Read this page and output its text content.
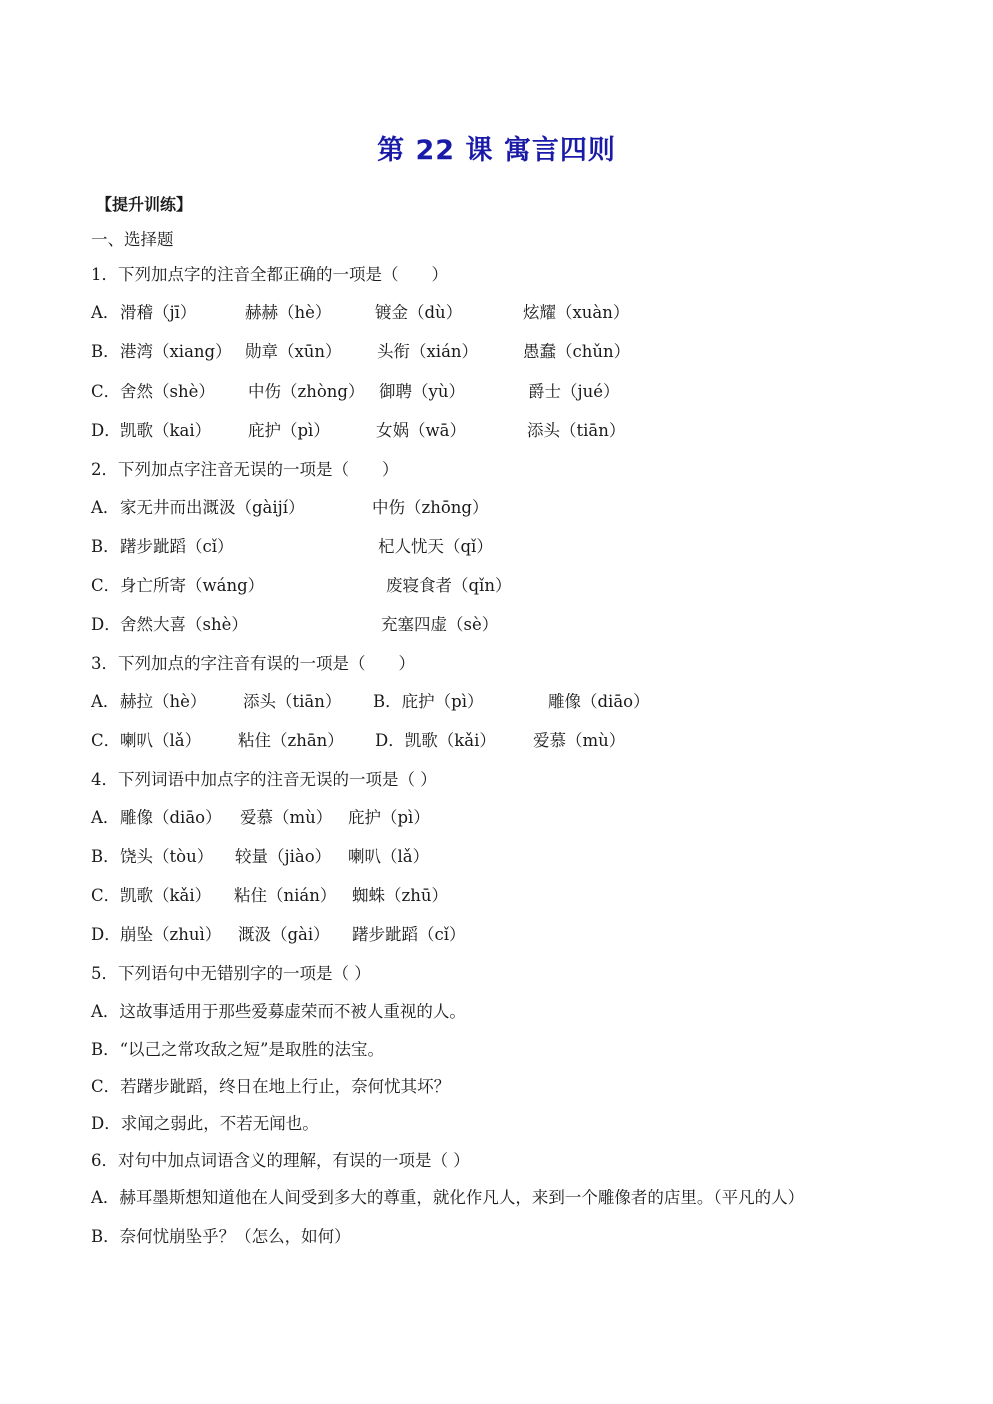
第 22 课 寓言四则
【提升训练】
一、选择题
1．下列加点字的注音全都正确的一项是（　　）
A． 滑稽（jī）	赫赫（hè）	镀金（dù）	炫耀（xuàn）
B． 港湾（xiang） 勋章（xūn） 头衔（xián）	愚蠢（chǔn）
C． 舍然（shè） 中伤（zhòng） 御聘（yù）	爵士（jué）
D． 凯歌（kai） 庇护（pì）	女娲（wā）	添头（tiān）
2．下列加点字注音无误的一项是（　　）
A． 家无井而出溉汲（gàijí）	中伤（zhōng）
B． 躇步跐蹈（cǐ）	杞人忧天（qǐ）
C． 身亡所寄（wáng）	废寝食者（qǐn）
D． 舍然大喜（shè）	充塞四虚（sè）
3．下列加点的字注音有误的一项是（　　）
A． 赫拉（hè） 添头（tiān） B．庇护（pì）	雕像（diāo）
C． 喇叭（lǎ） 粘住（zhān） D．凯歌（kǎi） 爱慕（mù）
4．下列词语中加点字的注音无误的一项是（ ）
A． 雕像（diāo） 爱慕（mù） 庇护（pì）
B． 饶头（tòu） 较量（jiào） 喇叭（lǎ）
C． 凯歌（kǎi） 粘住（nián） 蜘蛛（zhū）
D． 崩坠（zhuì） 溉汲（gài） 躇步跐蹈（cǐ）
5．下列语句中无错别字的一项是（ ）
A．这故事适用于那些爱募虚荣而不被人重视的人。
B．“以己之常攻敌之短”是取胜的法宝。
C．若躇步跐蹈，终日在地上行止，奈何忧其坏？
D．求闻之弱此，不若无闻也。
6．对句中加点词语含义的理解，有误的一项是（ ）
A．赫耳墨斯想知道他在人间受到多大的尊重，就化作凡人，来到一个雕像者的店里。（平凡的人）
B．奈何忧崩坠乎？（怎么，如何）
